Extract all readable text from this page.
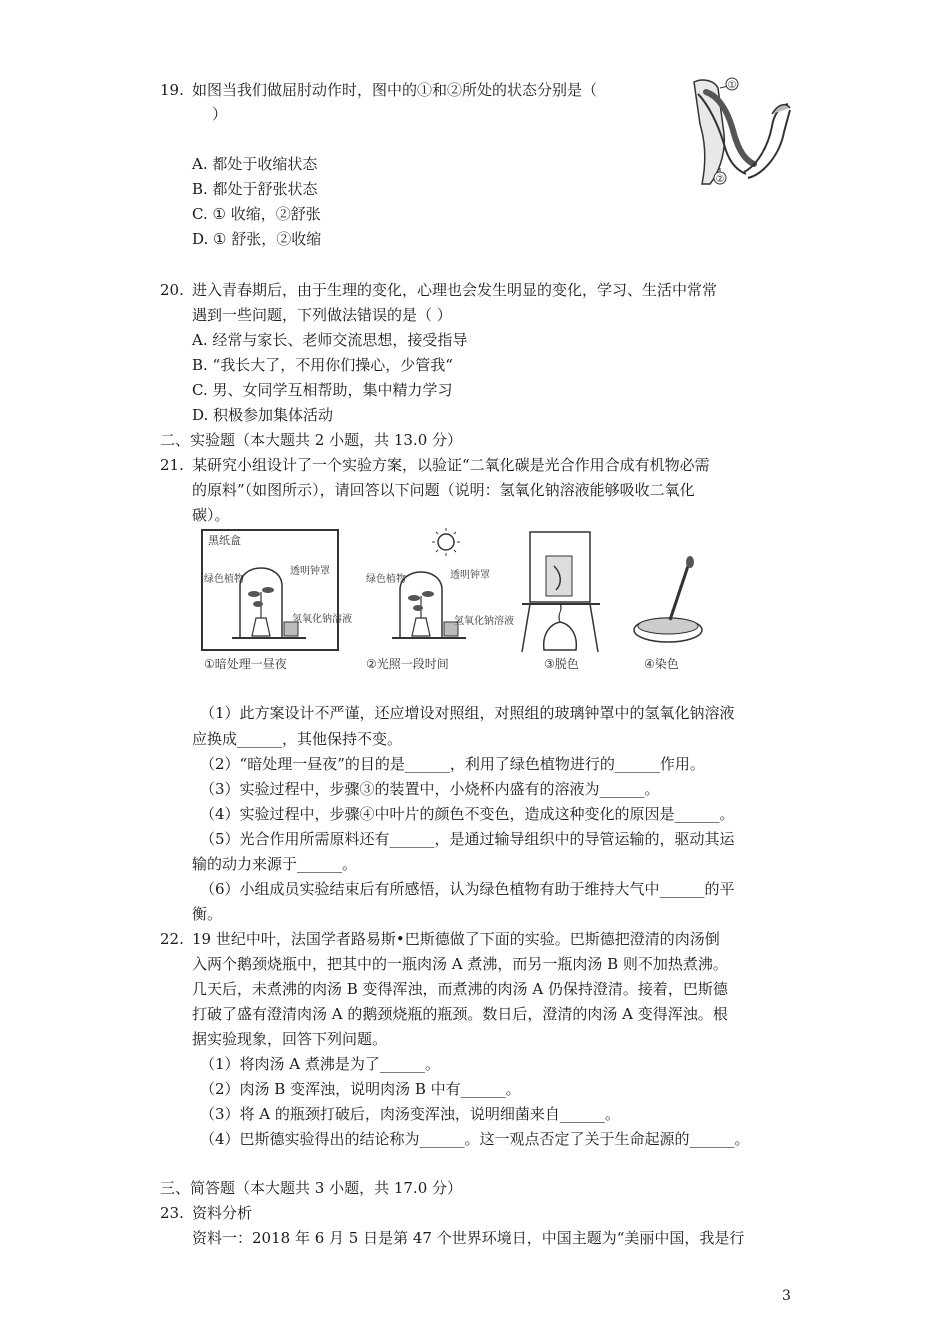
19. 如图当我们做屈肘动作时，图中的①和②所处的状态分别是（
）
A. 都处于收缩状态
B. 都处于舒张状态
C. ① 收缩，②舒张
D. ① 舒张，②收缩
①
②
20. 进入青春期后，由于生理的变化，心理也会发生明显的变化，学习、生活中常常
遇到一些问题，下列做法错误的是（ ）
A. 经常与家长、老师交流思想，接受指导
B. “我长大了，不用你们操心，少管我“
C. 男、女同学互相帮助，集中精力学习
D. 积极参加集体活动
二、实验题（本大题共 2 小题，共 13.0 分）
21. 某研究小组设计了一个实验方案，以验证“二氧化碳是光合作用合成有机物必需
的原料”（如图所示），请回答以下问题（说明：氢氧化钠溶液能够吸收二氧化
碳）。
黑纸盒
绿色植物
透明钟罩
氢氧化钠溶液
①暗处理一昼夜
绿色植物	透明钟罩
氢氧化钠溶液
②光照一段时间	③脱色	④染色
（1）此方案设计不严谨，还应增设对照组，对照组的玻璃钟罩中的氢氧化钠溶液
应换成______，其他保持不变。
（2）“暗处理一昼夜”的目的是______，利用了绿色植物进行的______作用。
（3）实验过程中，步骤③的装置中，小烧杯内盛有的溶液为______。
（4）实验过程中，步骤④中叶片的颜色不变色，造成这种变化的原因是______。
（5）光合作用所需原料还有______，是通过输导组织中的导管运输的，驱动其运
输的动力来源于______。
（6）小组成员实验结束后有所感悟，认为绿色植物有助于维持大气中______的平
衡。
22. 19 世纪中叶，法国学者路易斯•巴斯德做了下面的实验。巴斯德把澄清的肉汤倒
入两个鹅颈烧瓶中，把其中的一瓶肉汤 A 煮沸，而另一瓶肉汤 B 则不加热煮沸。
几天后，未煮沸的肉汤 B 变得浑浊，而煮沸的肉汤 A 仍保持澄清。接着，巴斯德
打破了盛有澄清肉汤 A 的鹅颈烧瓶的瓶颈。数日后，澄清的肉汤 A 变得浑浊。根
据实验现象，回答下列问题。
（1）将肉汤 A 煮沸是为了______。
（2）肉汤 B 变浑浊，说明肉汤 B 中有______。
（3）将 A 的瓶颈打破后，肉汤变浑浊，说明细菌来自______。
（4）巴斯德实验得出的结论称为______。这一观点否定了关于生命起源的______。
三、简答题（本大题共 3 小题，共 17.0 分）
23. 资料分析
资料一：2018 年 6 月 5 日是第 47 个世界环境日，中国主题为“美丽中国，我是行
3
